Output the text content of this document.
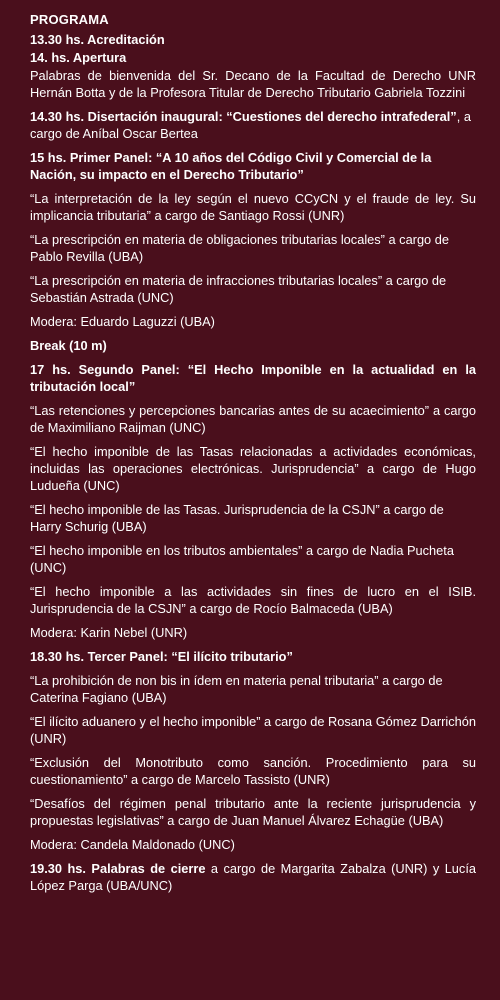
PROGRAMA
13.30 hs. Acreditación
14. hs. Apertura
Palabras de bienvenida del Sr. Decano de la Facultad de Derecho UNR Hernán Botta y de la Profesora Titular de Derecho Tributario Gabriela Tozzini
14.30 hs. Disertación inaugural: “Cuestiones del derecho intrafederal”, a cargo de Aníbal Oscar Bertea
15 hs. Primer Panel: “A 10 años del Código Civil y Comercial de la Nación, su impacto en el Derecho Tributario”
“La interpretación de la ley según el nuevo CCyCN y el fraude de ley. Su implicancia tributaria” a cargo de Santiago Rossi (UNR)
“La prescripción en materia de obligaciones tributarias locales” a cargo de Pablo Revilla (UBA)
“La prescripción en materia de infracciones tributarias locales” a cargo de Sebastián Astrada (UNC)
Modera: Eduardo Laguzzi (UBA)
Break (10 m)
17 hs. Segundo Panel: “El Hecho Imponible en la actualidad en la tributación local”
“Las retenciones y percepciones bancarias antes de su acaecimiento” a cargo de Maximiliano Raijman (UNC)
“El hecho imponible de las Tasas relacionadas a actividades económicas, incluidas las operaciones electrónicas. Jurisprudencia” a cargo de Hugo Ludueña (UNC)
“El hecho imponible de las Tasas. Jurisprudencia de la CSJN” a cargo de Harry Schurig (UBA)
“El hecho imponible en los tributos ambientales” a cargo de Nadia Pucheta (UNC)
“El hecho imponible a las actividades sin fines de lucro en el ISIB. Jurisprudencia de la CSJN” a cargo de Rocío Balmaceda (UBA)
Modera: Karin Nebel (UNR)
18.30 hs. Tercer Panel: “El ilícito tributario”
“La prohibición de non bis in ídem en materia penal tributaria” a cargo de Caterina Fagiano (UBA)
“El ilícito aduanero y el hecho imponible” a cargo de Rosana Gómez Darrichón (UNR)
“Exclusión del Monotributo como sanción. Procedimiento para su cuestionamiento” a cargo de Marcelo Tassisto (UNR)
“Desafíos del régimen penal tributario ante la reciente jurisprudencia y propuestas legislativas” a cargo de Juan Manuel Álvarez Echagüe (UBA)
Modera: Candela Maldonado (UNC)
19.30 hs. Palabras de cierre a cargo de Margarita Zabalza (UNR) y Lucía López Parga (UBA/UNC)
